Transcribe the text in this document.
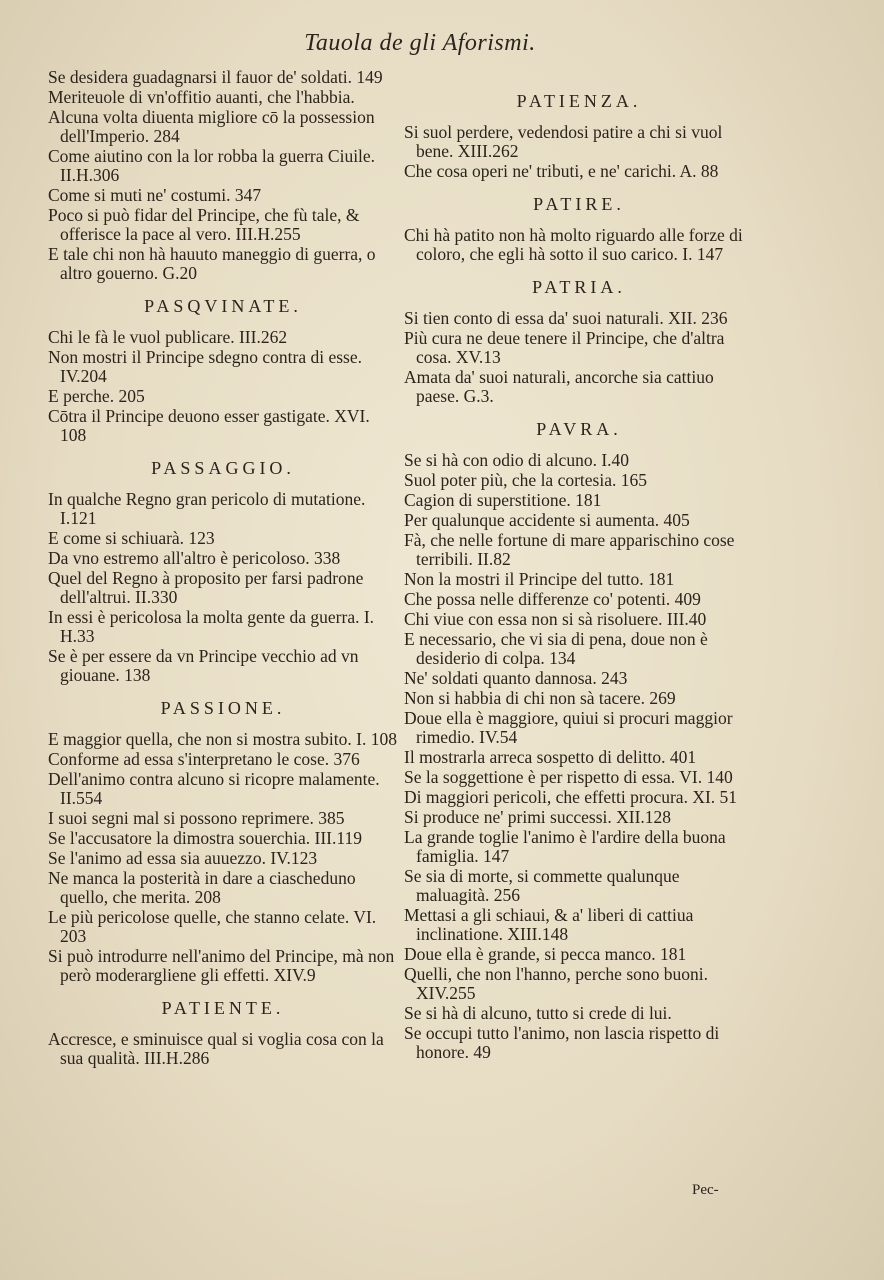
Tauola de gli Aforismi.
Se desidera guadagnarsi il fauor de' soldati. 149
Meriteuole di vn'offitio auanti, che l'habbia.
Alcuna volta diuenta migliore cō la possession dell'Imperio. 284
Come aiutino con la lor robba la guerra Ciuile. II.H.306
Come si muti ne' costumi. 347
Poco si può fidar del Principe, che fù tale, & offerisce la pace al vero. III.H.255
E tale chi non hà hauuto maneggio di guerra, o altro gouerno. G.20
PASQVINATE.
Chi le fà le vuol publicare. III.262
Non mostri il Principe sdegno contra di esse. IV.204
E perche. 205
Cōtra il Principe deuono esser gastigate. XVI. 108
PASSAGGIO.
In qualche Regno gran pericolo di mutatione. I.121
E come si schiuarà. 123
Da vno estremo all'altro è pericoloso. 338
Quel del Regno à proposito per farsi padrone dell'altrui. II.330
In essi è pericolosa la molta gente da guerra. I. H.33
Se è per essere da vn Principe vecchio ad vn giouane. 138
PASSIONE.
E maggior quella, che non si mostra subito. I. 108
Conforme ad essa s'interpretano le cose. 376
Dell'animo contra alcuno si ricopre malamente. II.554
I suoi segni mal si possono reprimere. 385
Se l'accusatore la dimostra souerchia. III.119
Se l'animo ad essa sia auuezzo. IV.123
Ne manca la posterità in dare a ciascheduno quello, che merita. 208
Le più pericolose quelle, che stanno celate. VI. 203
Si può introdurre nell'animo del Principe, mà non però moderargliene gli effetti. XIV.9
PATIENTE.
Accresce, e sminuisce qual si voglia cosa con la sua qualità. III.H.286
PATIENZA.
Si suol perdere, vedendosi patire a chi si vuol bene. XIII.262
Che cosa operi ne' tributi, e ne' carichi. A. 88
PATIRE.
Chi hà patito non hà molto riguardo alle forze di coloro, che egli hà sotto il suo carico. I. 147
PATRIA.
Si tien conto di essa da' suoi naturali. XII. 236
Più cura ne deue tenere il Principe, che d'altra cosa. XV.13
Amata da' suoi naturali, ancorche sia cattiuo paese. G.3.
PAVRA.
Se si hà con odio di alcuno. I.40
Suol poter più, che la cortesia. 165
Cagion di superstitione. 181
Per qualunque accidente si aumenta. 405
Fà, che nelle fortune di mare apparischino cose terribili. II.82
Non la mostri il Principe del tutto. 181
Che possa nelle differenze co' potenti. 409
Chi viue con essa non si sà risoluere. III.40
E necessario, che vi sia di pena, doue non è desiderio di colpa. 134
Ne' soldati quanto dannosa. 243
Non si habbia di chi non sà tacere. 269
Doue ella è maggiore, quiui si procuri maggior rimedio. IV.54
Il mostrarla arreca sospetto di delitto. 401
Se la soggettione è per rispetto di essa. VI. 140
Di maggiori pericoli, che effetti procura. XI. 51
Si produce ne' primi successi. XII.128
La grande toglie l'animo è l'ardire della buona famiglia. 147
Se sia di morte, si commette qualunque maluagità. 256
Mettasi a gli schiaui, & a' liberi di cattiua inclinatione. XIII.148
Doue ella è grande, si pecca manco. 181
Quelli, che non l'hanno, perche sono buoni. XIV.255
Se si hà di alcuno, tutto si crede di lui.
Se occupi tutto l'animo, non lascia rispetto di honore. 49
Pec-
